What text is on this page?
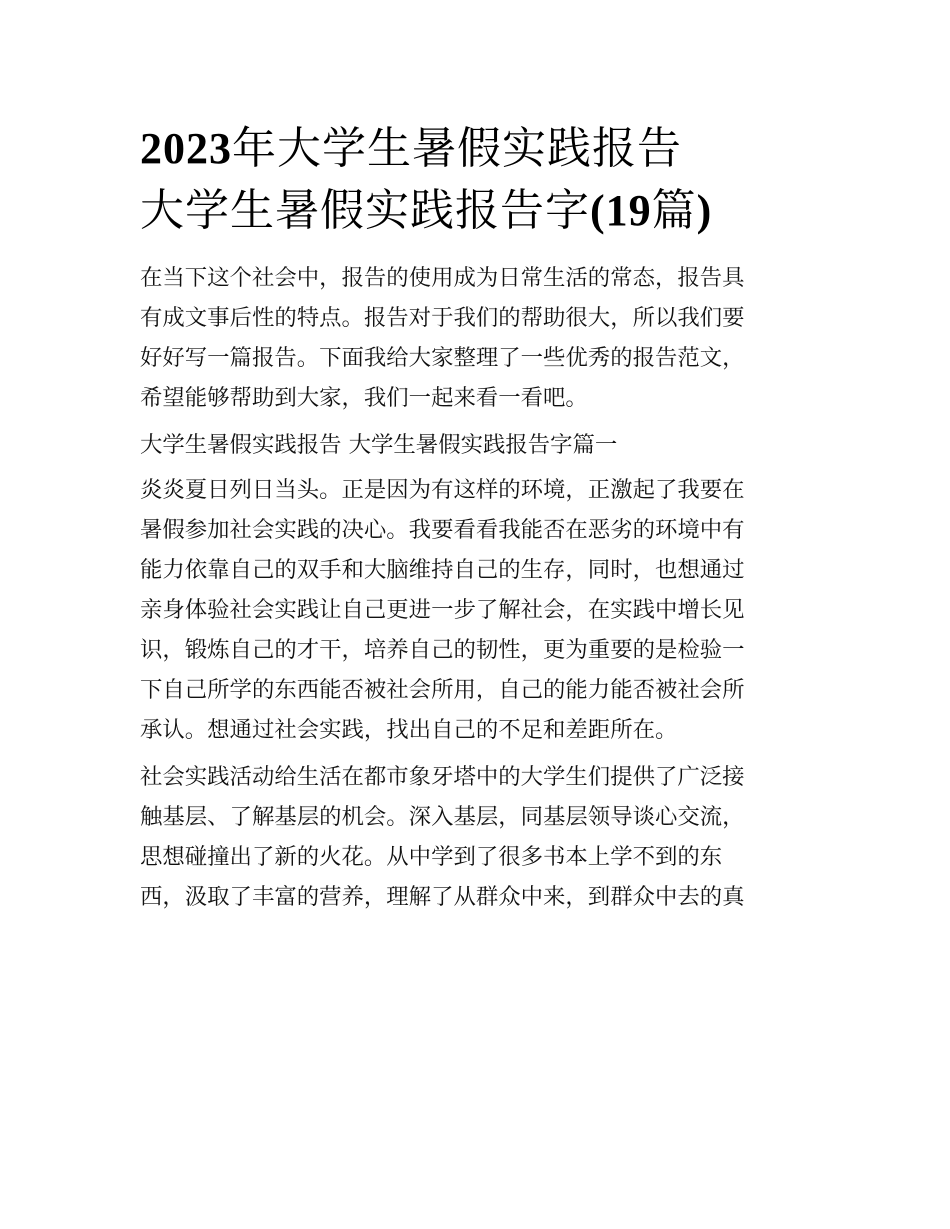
2023年大学生暑假实践报告
大学生暑假实践报告字(19篇)

在当下这个社会中，报告的使用成为日常生活的常态，报告具
有成文事后性的特点。报告对于我们的帮助很大，所以我们要
好好写一篇报告。下面我给大家整理了一些优秀的报告范文，
希望能够帮助到大家，我们一起来看一看吧。

大学生暑假实践报告 大学生暑假实践报告字篇一

炎炎夏日列日当头。正是因为有这样的环境，正激起了我要在
暑假参加社会实践的决心。我要看看我能否在恶劣的环境中有
能力依靠自己的双手和大脑维持自己的生存，同时，也想通过
亲身体验社会实践让自己更进一步了解社会，在实践中增长见
识，锻炼自己的才干，培养自己的韧性，更为重要的是检验一
下自己所学的东西能否被社会所用，自己的能力能否被社会所
承认。想通过社会实践，找出自己的不足和差距所在。

社会实践活动给生活在都市象牙塔中的大学生们提供了广泛接
触基层、了解基层的机会。深入基层，同基层领导谈心交流，
思想碰撞出了新的火花。从中学到了很多书本上学不到的东
西，汲取了丰富的营养，理解了从群众中来，到群众中去的真
